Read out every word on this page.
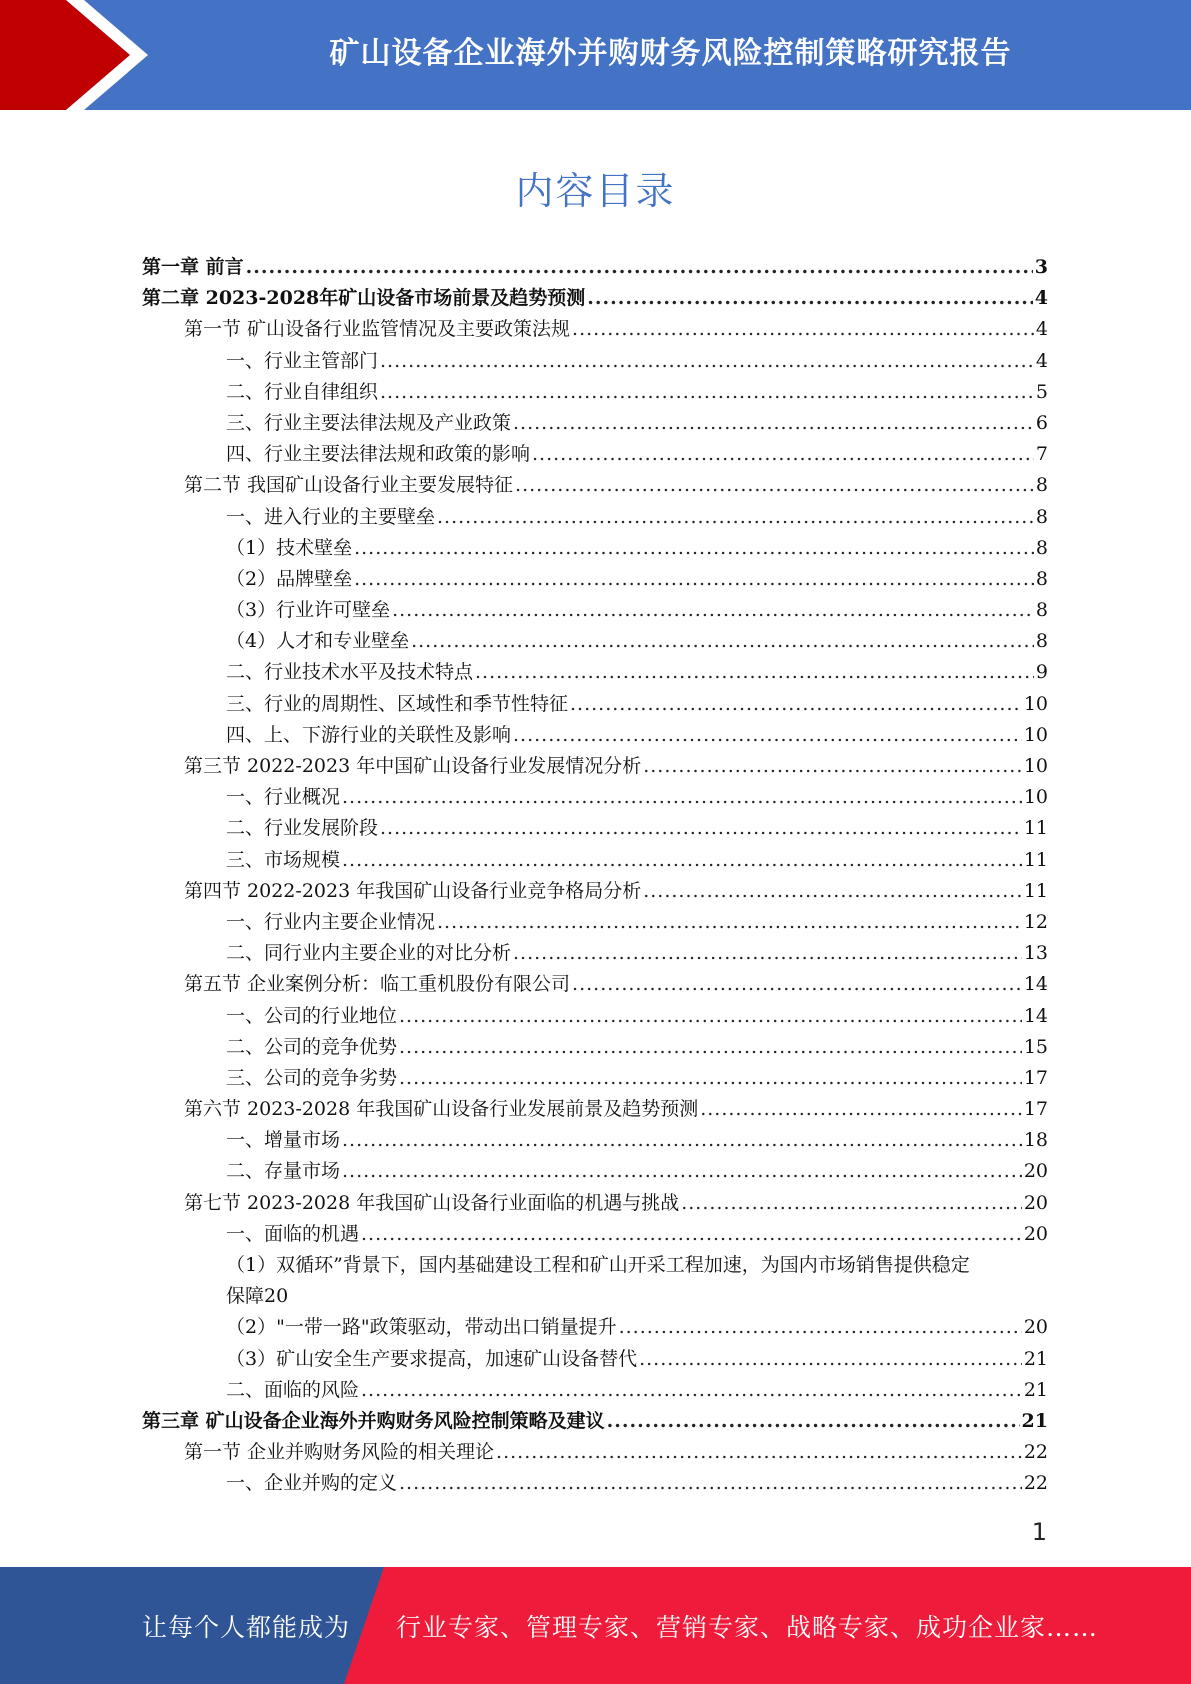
矿山设备企业海外并购财务风险控制策略研究报告
内容目录
第一章 前言 .....	3
第二章 2023-2028年矿山设备市场前景及趋势预测 .....	4
第一节 矿山设备行业监管情况及主要政策法规 .....	4
一、行业主管部门 .....	4
二、行业自律组织 .....	5
三、行业主要法律法规及产业政策 .....	6
四、行业主要法律法规和政策的影响 .....	7
第二节 我国矿山设备行业主要发展特征 .....	8
一、进入行业的主要壁垒 .....	8
（1）技术壁垒 .....	8
（2）品牌壁垒 .....	8
（3）行业许可壁垒 .....	8
（4）人才和专业壁垒 .....	8
二、行业技术水平及技术特点 .....	9
三、行业的周期性、区域性和季节性特征 .....	10
四、上、下游行业的关联性及影响 .....	10
第三节 2022-2023 年中国矿山设备行业发展情况分析 .....	10
一、行业概况 .....	10
二、行业发展阶段 .....	11
三、市场规模 .....	11
第四节 2022-2023 年我国矿山设备行业竞争格局分析 .....	11
一、行业内主要企业情况 .....	12
二、同行业内主要企业的对比分析 .....	13
第五节 企业案例分析：临工重机股份有限公司 .....	14
一、公司的行业地位 .....	14
二、公司的竞争优势 .....	15
三、公司的竞争劣势 .....	17
第六节 2023-2028 年我国矿山设备行业发展前景及趋势预测 .....	17
一、增量市场 .....	18
二、存量市场 .....	20
第七节 2023-2028 年我国矿山设备行业面临的机遇与挑战 .....	20
一、面临的机遇 .....	20
（1）双循环”背景下，国内基础建设工程和矿山开采工程加速，为国内市场销售提供稳定
保障 20
（2）"一带一路"政策驱动，带动出口销量提升 .....	20
（3）矿山安全生产要求提高，加速矿山设备替代 .....	21
二、面临的风险 .....	21
第三章 矿山设备企业海外并购财务风险控制策略及建议 .....	21
第一节 企业并购财务风险的相关理论 .....	22
一、企业并购的定义 .....	22
1
让每个人都能成为 行业专家、管理专家、营销专家、战略专家、成功企业家……
